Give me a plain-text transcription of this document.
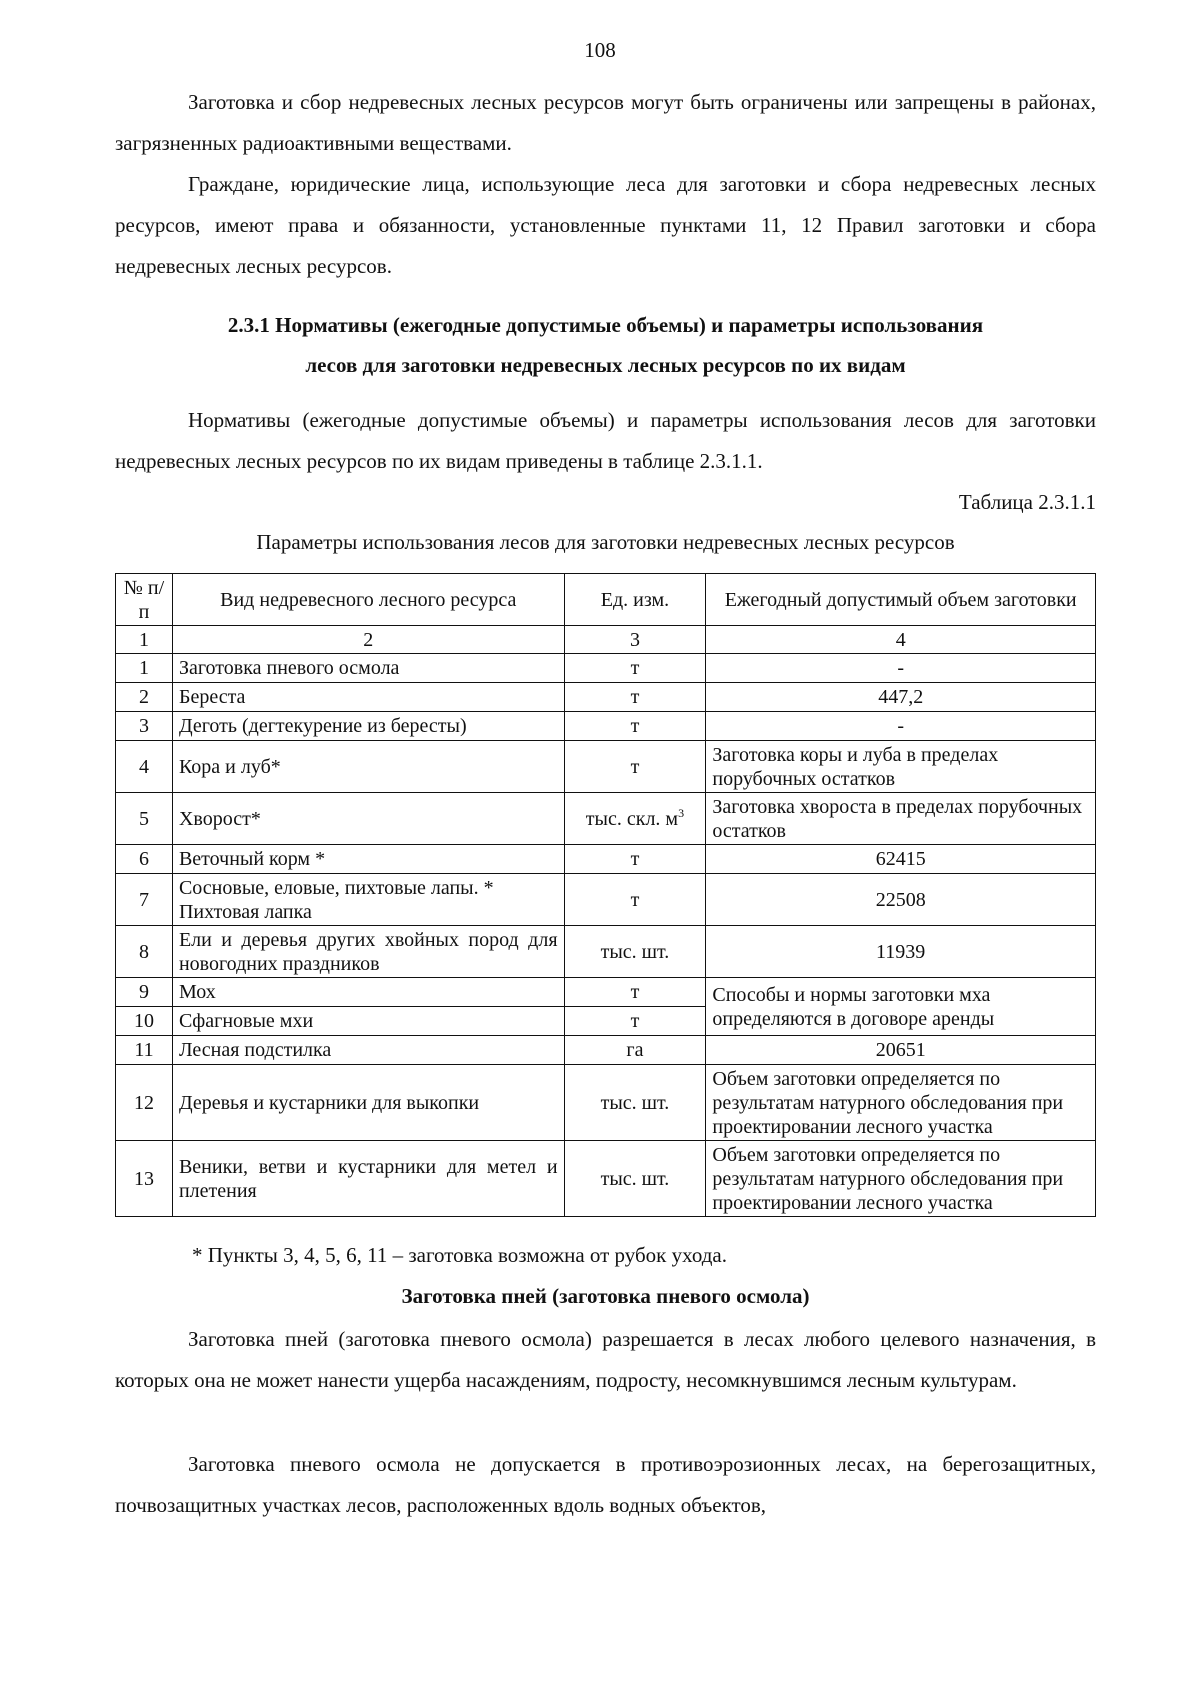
108
Заготовка и сбор недревесных лесных ресурсов могут быть ограничены или запрещены в районах, загрязненных радиоактивными веществами.
Граждане, юридические лица, использующие леса для заготовки и сбора недревесных лесных ресурсов, имеют права и обязанности, установленные пунктами 11, 12 Правил заготовки и сбора недревесных лесных ресурсов.
2.3.1 Нормативы (ежегодные допустимые объемы) и параметры использования
лесов для заготовки недревесных лесных ресурсов по их видам
Нормативы (ежегодные допустимые объемы) и параметры использования лесов для заготовки недревесных лесных ресурсов по их видам приведены в таблице 2.3.1.1.
Таблица 2.3.1.1
Параметры использования лесов для заготовки недревесных лесных ресурсов
№ п/п	Вид недревесного лесного ресурса	Ед. изм.	Ежегодный допустимый объем заготовки
1	2	3	4
1	Заготовка пневого осмола	т	-
2	Береста	т	447,2
3	Деготь (дегтекурение из бересты)	т	-
4	Кора и луб*	т	Заготовка коры и луба в пределах порубочных остатков
5	Хворост*	тыс. скл. $м^3$	Заготовка хвороста в пределах порубочных остатков
6	Веточный корм *	т	62415
7	Сосновые, еловые, пихтовые лапы. * Пихтовая лапка	т	22508
8	Ели и деревья других хвойных пород для новогодних праздников	тыс. шт.	11939
9	Мох	т	Способы и нормы заготовки мха определяются в договоре аренды
10	Сфагновые мхи	т	
11	Лесная подстилка	га	20651
12	Деревья и кустарники для выкопки	тыс. шт.	Объем заготовки определяется по результатам натурного обследования при проектировании лесного участка
13	Веники, ветви и кустарники для метел и плетения	тыс. шт.	Объем заготовки определяется по результатам натурного обследования при проектировании лесного участка
* Пункты 3, 4, 5, 6, 11 – заготовка возможна от рубок ухода.
Заготовка пней (заготовка пневого осмола)
Заготовка пней (заготовка пневого осмола) разрешается в лесах любого целевого назначения, в которых она не может нанести ущерба насаждениям, подросту, несомкнувшимся лесным культурам.
Заготовка пневого осмола не допускается в противоэрозионных лесах, на берегозащитных, почвозащитных участках лесов, расположенных вдоль водных объектов,
